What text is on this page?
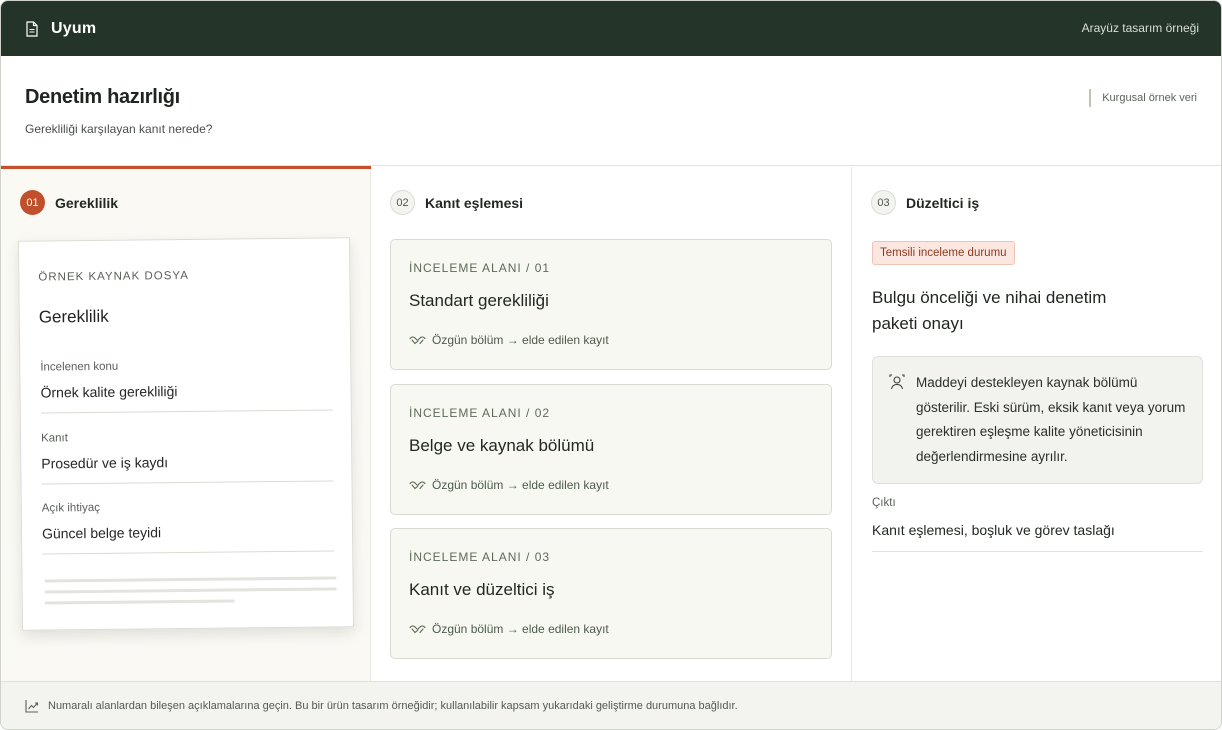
Uyum	Arayüz tasarım örneği
Denetim hazırlığı
Gerekliliği karşılayan kanıt nerede?
Kurgusal örnek veri
01	Gereklilik
ÖRNEK KAYNAK DOSYA
Gereklilik
İncelenen konu
Örnek kalite gerekliliği
Kanıt
Prosedür ve iş kaydı
Açık ihtiyaç
Güncel belge teyidi
02	Kanıt eşlemesi
İNCELEME ALANI / 01
Standart gerekliliği
Özgün bölüm → elde edilen kayıt
İNCELEME ALANI / 02
Belge ve kaynak bölümü
Özgün bölüm → elde edilen kayıt
İNCELEME ALANI / 03
Kanıt ve düzeltici iş
Özgün bölüm → elde edilen kayıt
03	Düzeltici iş
Temsili inceleme durumu
Bulgu önceliği ve nihai denetim paketi onayı
Maddeyi destekleyen kaynak bölümü gösterilir. Eski sürüm, eksik kanıt veya yorum gerektiren eşleşme kalite yöneticisinin değerlendirmesine ayrılır.
Çıktı
Kanıt eşlemesi, boşluk ve görev taslağı
Numaralı alanlardan bileşen açıklamalarına geçin. Bu bir ürün tasarım örneğidir; kullanılabilir kapsam yukarıdaki geliştirme durumuna bağlıdır.
